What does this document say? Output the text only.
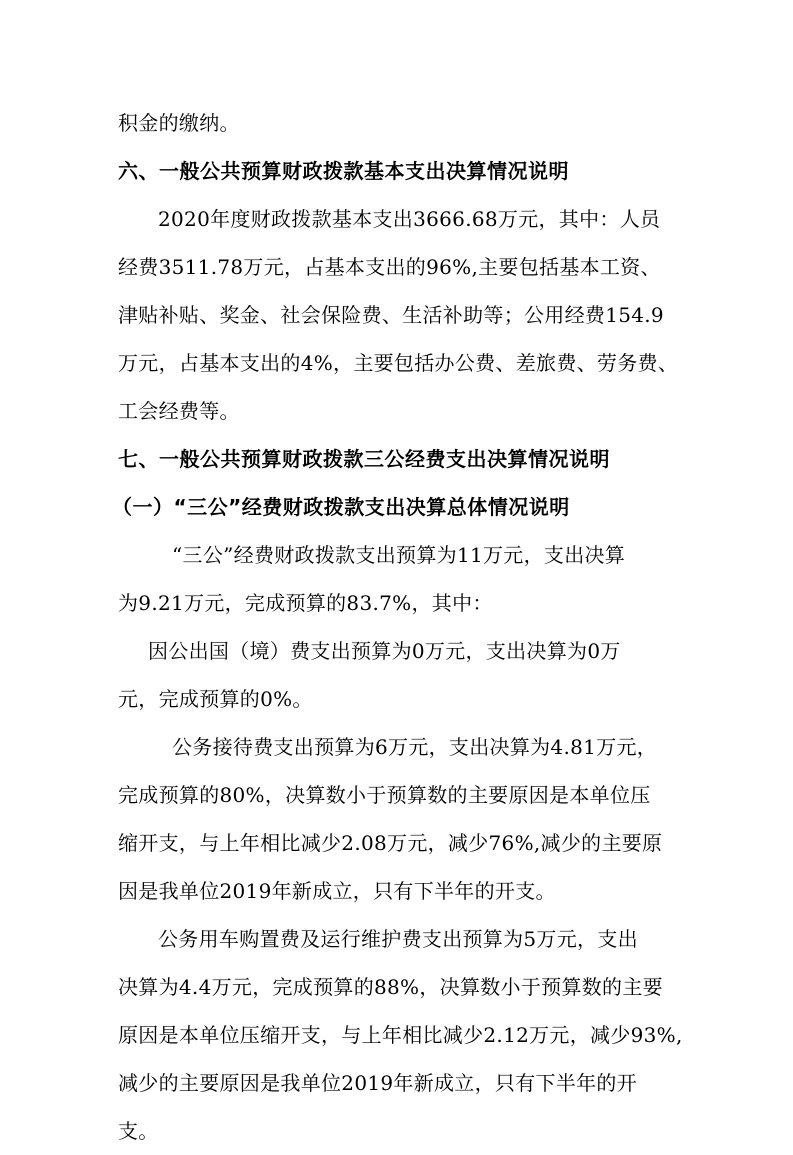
积金的缴纳。
六、一般公共预算财政拨款基本支出决算情况说明
2020年度财政拨款基本支出3666.68万元，其中：人员
经费3511.78万元，占基本支出的96%,主要包括基本工资、
津贴补贴、奖金、社会保险费、生活补助等；公用经费154.9
万元，占基本支出的4%，主要包括办公费、差旅费、劳务费、
工会经费等。
七、一般公共预算财政拨款三公经费支出决算情况说明
（一）“三公”经费财政拨款支出决算总体情况说明
“三公”经费财政拨款支出预算为11万元，支出决算
为9.21万元，完成预算的83.7%，其中：
因公出国（境）费支出预算为0万元，支出决算为0万
元，完成预算的0%。
公务接待费支出预算为6万元，支出决算为4.81万元，
完成预算的80%，决算数小于预算数的主要原因是本单位压
缩开支，与上年相比减少2.08万元，减少76%,减少的主要原
因是我单位2019年新成立，只有下半年的开支。
公务用车购置费及运行维护费支出预算为5万元，支出
决算为4.4万元，完成预算的88%，决算数小于预算数的主要
原因是本单位压缩开支，与上年相比减少2.12万元，减少93%,
减少的主要原因是我单位2019年新成立，只有下半年的开
支。
